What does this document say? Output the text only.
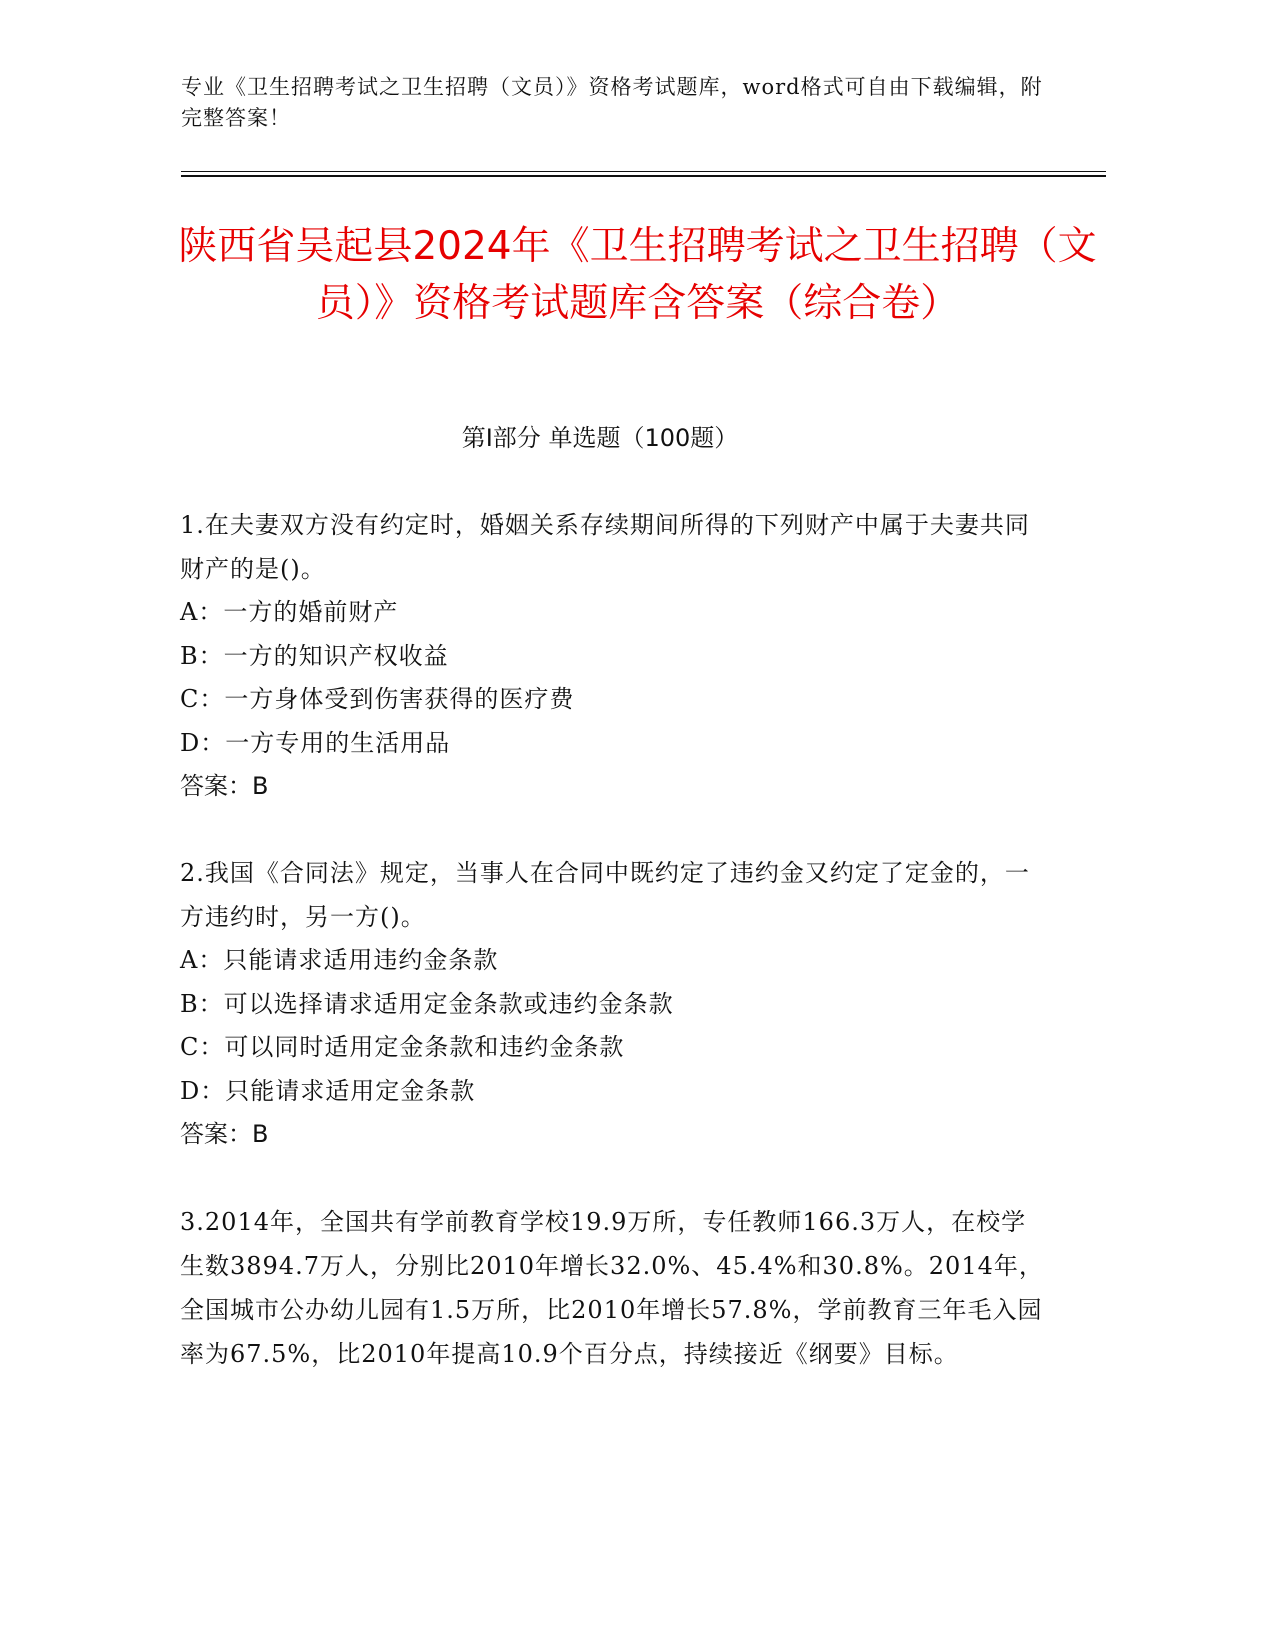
专业《卫生招聘考试之卫生招聘（文员）》资格考试题库，word格式可自由下载编辑，附完整答案！
陕西省吴起县2024年《卫生招聘考试之卫生招聘（文员）》资格考试题库含答案（综合卷）
第Ⅰ部分 单选题（100题）
1.在夫妻双方没有约定时，婚姻关系存续期间所得的下列财产中属于夫妻共同财产的是()。
A：一方的婚前财产
B：一方的知识产权收益
C：一方身体受到伤害获得的医疗费
D：一方专用的生活用品
答案：B
2.我国《合同法》规定，当事人在合同中既约定了违约金又约定了定金的，一方违约时，另一方()。
A：只能请求适用违约金条款
B：可以选择请求适用定金条款或违约金条款
C：可以同时适用定金条款和违约金条款
D：只能请求适用定金条款
答案：B
3.2014年，全国共有学前教育学校19.9万所，专任教师166.3万人，在校学生数3894.7万人，分别比2010年增长32.0%、45.4%和30.8%。2014年，全国城市公办幼儿园有1.5万所，比2010年增长57.8%，学前教育三年毛入园率为67.5%，比2010年提高10.9个百分点，持续接近《纲要》目标。
